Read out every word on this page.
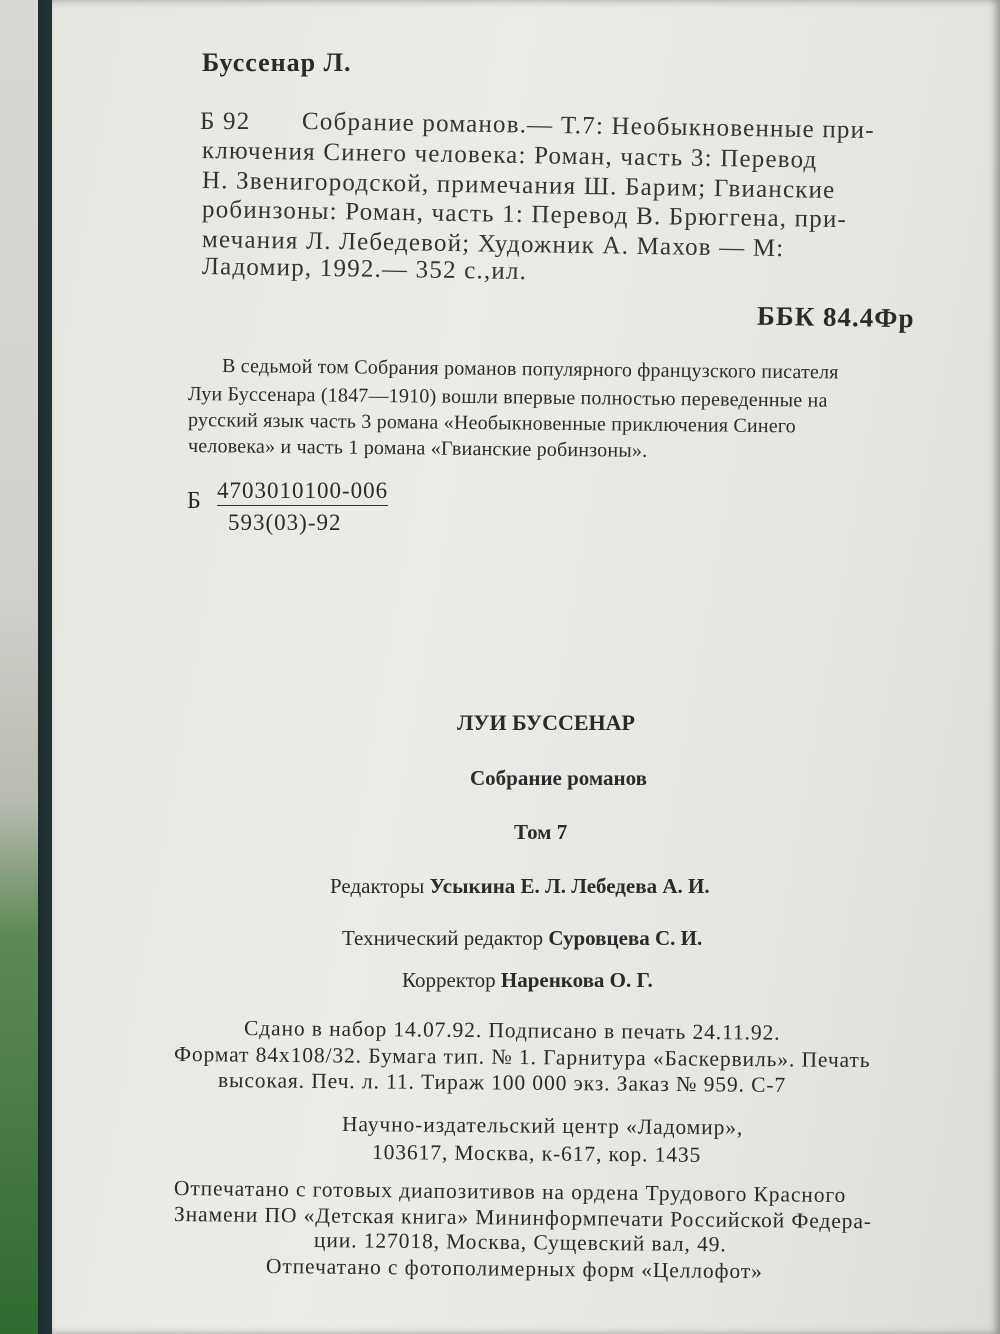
Буссенар Л.
Б 92 Собрание романов.— Т.7: Необыкновенные при-
ключения Синего человека: Роман, часть 3: Перевод
Н. Звенигородской, примечания Ш. Барим; Гвианские
робинзоны: Роман, часть 1: Перевод В. Брюггена, при-
мечания Л. Лебедевой; Художник А. Махов — М:
Ладомир, 1992.— 352 с.,ил.
ББК 84.4Фр
В седьмой том Собрания романов популярного французского писателя
Луи Буссенара (1847—1910) вошли впервые полностью переведенные на
русский язык часть 3 романа «Необыкновенные приключения Синего
человека» и часть 1 романа «Гвианские робинзоны».
Б 4703010100-006
593(03)-92
ЛУИ БУССЕНАР
Собрание романов
Том 7
Редакторы Усыкина Е. Л. Лебедева А. И.
Технический редактор Суровцева С. И.
Корректор Наренкова О. Г.
Сдано в набор 14.07.92. Подписано в печать 24.11.92.
Формат 84х108/32. Бумага тип. № 1. Гарнитура «Баскервиль». Печать
высокая. Печ. л. 11. Тираж 100 000 экз. Заказ № 959. С-7
Научно-издательский центр «Ладомир»,
103617, Москва, к-617, кор. 1435
Отпечатано с готовых диапозитивов на ордена Трудового Красного
Знамени ПО «Детская книга» Мининформпечати Российской Федера-
ции. 127018, Москва, Сущевский вал, 49.
Отпечатано с фотополимерных форм «Целлофот»
